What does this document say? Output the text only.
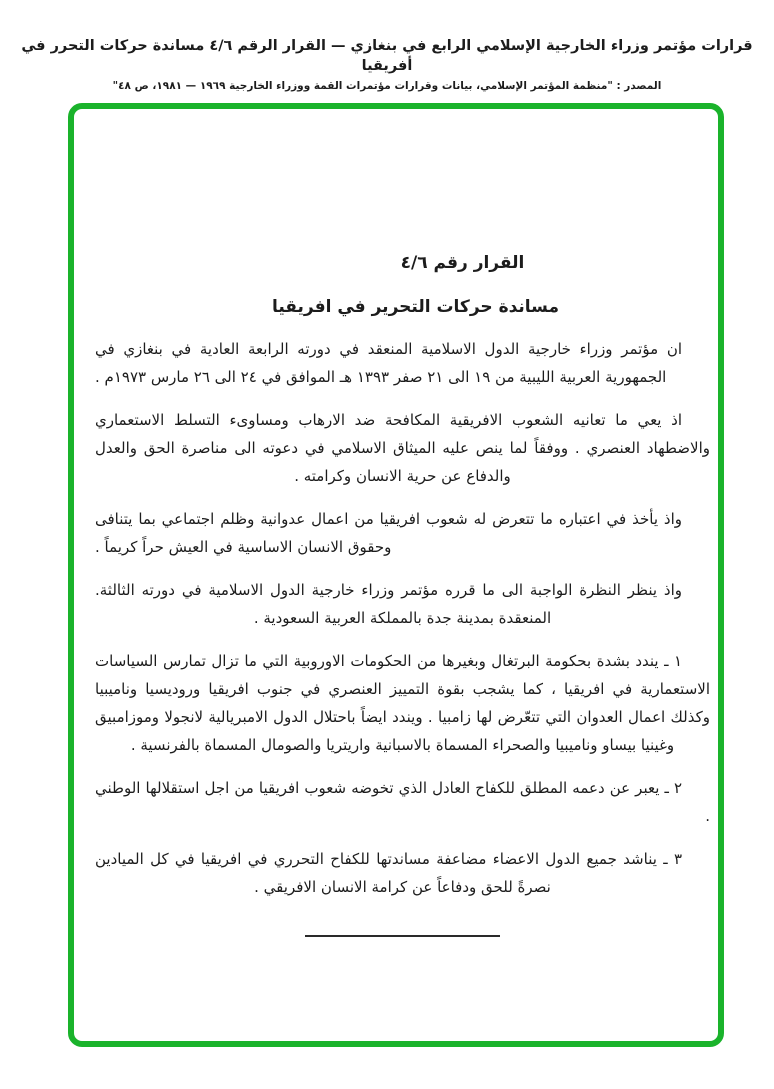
قرارات مؤتمر وزراء الخارجية الإسلامي الرابع في بنغازي — القرار الرقم ٤/٦ مساندة حركات التحرر في أفريقيا
المصدر : "منظمة المؤتمر الإسلامي، بيانات وقرارات مؤتمرات القمة ووزراء الخارجية ١٩٦٩ — ١٩٨١، ص ٤٨"
القرار رقم ٤/٦
مساندة حركات التحرير في افريقيا

ان مؤتمر وزراء خارجية الدول الاسلامية المنعقد في دورته الرابعة العادية في بنغازي في الجمهورية العربية الليبية من ١٩ الى ٢١ صفر ١٣٩٣ هـ الموافق في ٢٤ الى ٢٦ مارس ١٩٧٣م .

اذ يعي ما تعانيه الشعوب الافريقية المكافحة ضد الارهاب ومساوىء التسلط الاستعماري والاضطهاد العنصري . ووفقاً لما ينص عليه الميثاق الاسلامي في دعوته الى مناصرة الحق والعدل والدفاع عن حرية الانسان وكرامته .

واذ يأخذ في اعتباره ما تتعرض له شعوب افريقيا من اعمال عدوانية وظلم اجتماعي بما يتنافى وحقوق الانسان الاساسية في العيش حراً كريماً .

واذ ينظر النظرة الواجبة الى ما قرره مؤتمر وزراء خارجية الدول الاسلامية في دورته الثالثة. المنعقدة بمدينة جدة بالمملكة العربية السعودية .

١ ـ يندد بشدة بحكومة البرتغال وبغيرها من الحكومات الاوروبية التي ما تزال تمارس السياسات الاستعمارية في افريقيا ، كما يشجب بقوة التمييز العنصري في جنوب افريقيا وروديسيا وناميبيا وكذلك اعمال العدوان التي تتعّرض لها زامبيا . ويندد ايضاً باحتلال الدول الامبريالية لانجولا وموزامبيق وغينيا بيساو وناميبيا والصحراء المسماة بالاسبانية واريتريا والصومال المسماة بالفرنسية .

٢ ـ يعبر عن دعمه المطلق للكفاح العادل الذي تخوضه شعوب افريقيا من اجل استقلالها الوطني .

٣ ـ يناشد جميع الدول الاعضاء مضاعفة مساندتها للكفاح التحرري في افريقيا في كل الميادين نصرةً للحق ودفاعاً عن كرامة الانسان الافريقي .
